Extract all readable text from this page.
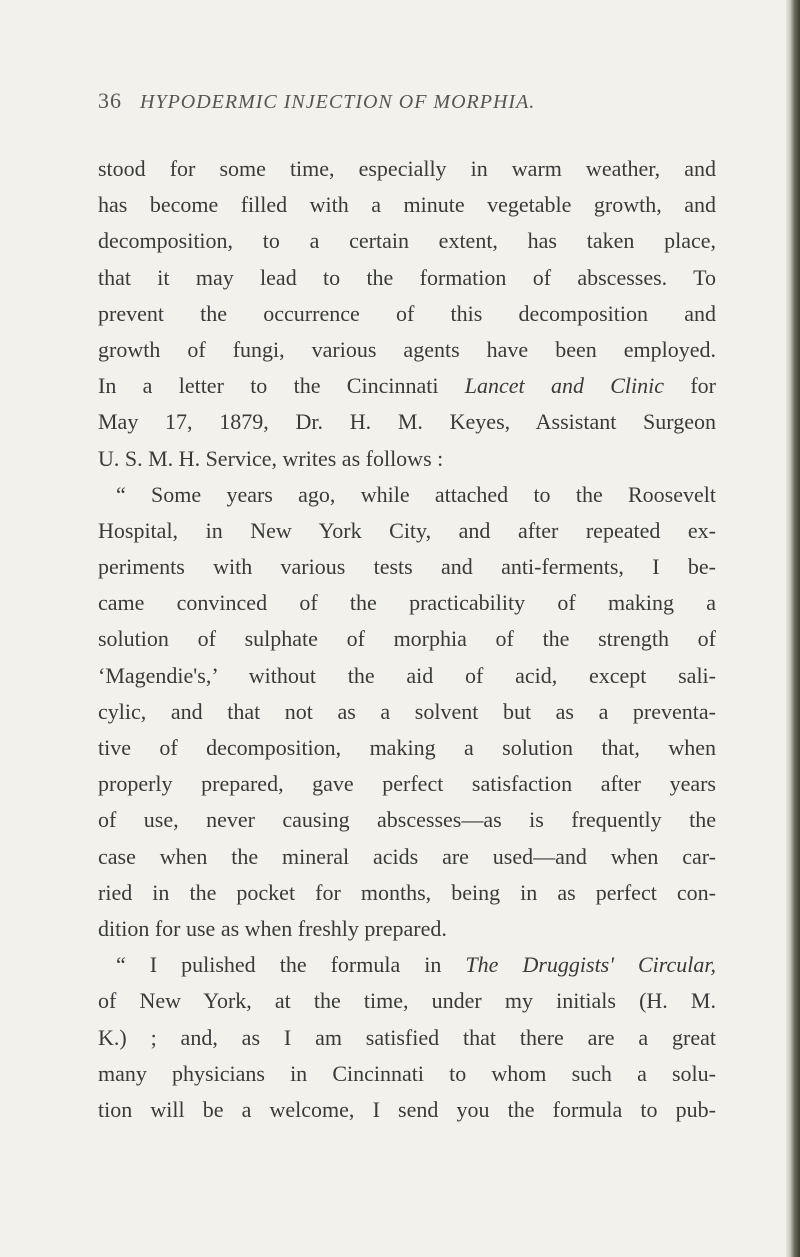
36 HYPODERMIC INJECTION OF MORPHIA.
stood for some time, especially in warm weather, and
has become filled with a minute vegetable growth, and
decomposition, to a certain extent, has taken place,
that it may lead to the formation of abscesses. To
prevent the occurrence of this decomposition and
growth of fungi, various agents have been employed.
In a letter to the Cincinnati Lancet and Clinic for
May 17, 1879, Dr. H. M. Keyes, Assistant Surgeon
U. S. M. H. Service, writes as follows :
“ Some years ago, while attached to the Roosevelt
Hospital, in New York City, and after repeated ex-
periments with various tests and anti-ferments, I be-
came convinced of the practicability of making a
solution of sulphate of morphia of the strength of
‘Magendie's,’ without the aid of acid, except sali-
cylic, and that not as a solvent but as a preventa-
tive of decomposition, making a solution that, when
properly prepared, gave perfect satisfaction after years
of use, never causing abscesses—as is frequently the
case when the mineral acids are used—and when car-
ried in the pocket for months, being in as perfect con-
dition for use as when freshly prepared.
“ I pulished the formula in The Druggists' Circular,
of New York, at the time, under my initials (H. M.
K.) ; and, as I am satisfied that there are a great
many physicians in Cincinnati to whom such a solu-
tion will be a welcome, I send you the formula to pub-
